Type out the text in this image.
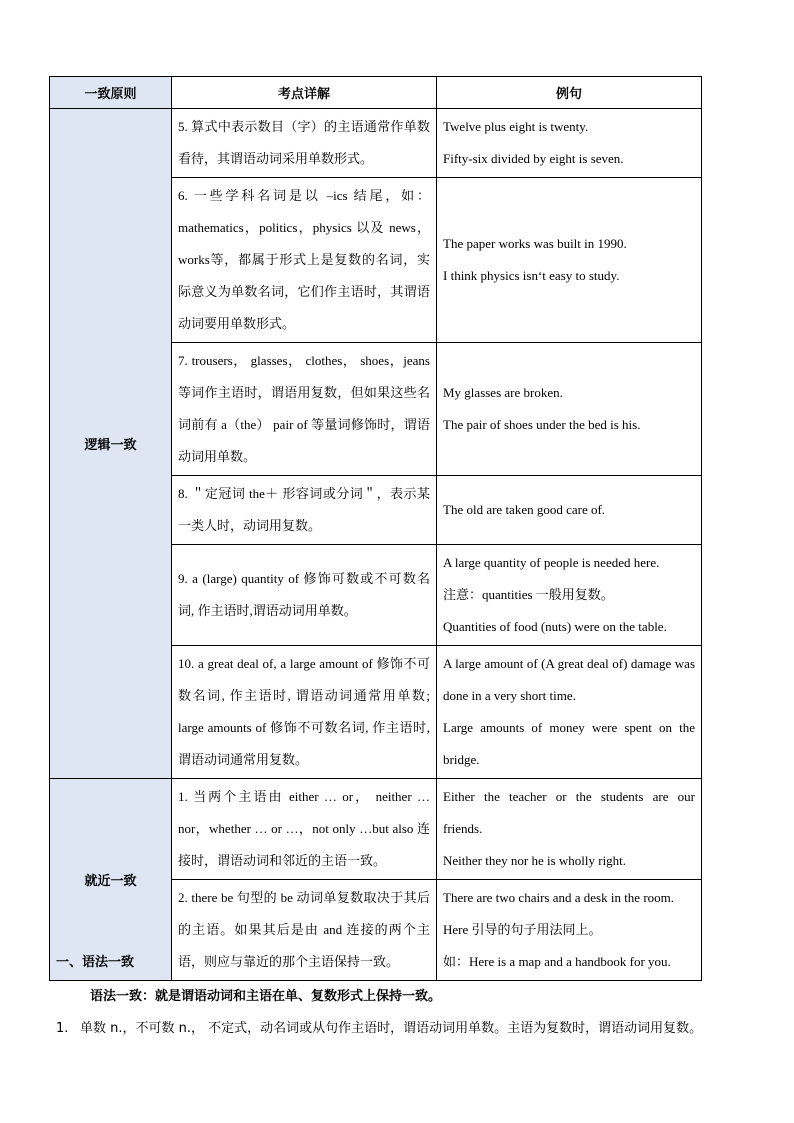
一致原则	考点详解	例句
逻辑一致	5. 算式中表示数目（字）的主语通常作单数看待，其谓语动词采用单数形式。	Twelve plus eight is twenty.
Fifty-six divided by eight is seven.

	6. 一些学科名词是以 –ics 结尾，如：mathematics，politics，physics 以及 news，works等，都属于形式上是复数的名词，实际意义为单数名词，它们作主语时，其谓语动词要用单数形式。	The paper works was built in 1990.
I think physics isn‘t easy to study.

	7. trousers， glasses， clothes， shoes，jeans 等词作主语时，谓语用复数，但如果这些名词前有 a（the） pair of 等量词修饰时，谓语动词用单数。	My glasses are broken.
The pair of shoes under the bed is his.

	8. ＂定冠词 the＋ 形容词或分词＂，表示某一类人时，动词用复数。	The old are taken good care of.

	9. a (large) quantity of 修饰可数或不可数名词, 作主语时,谓语动词用单数。	A large quantity of people is needed here.
注意：quantities 一般用复数。
Quantities of food (nuts) were on the table.

	10. a great deal of, a large amount of 修饰不可数名词, 作主语时, 谓语动词通常用单数; large amounts of 修饰不可数名词, 作主语时, 谓语动词通常用复数。	A large amount of (A great deal of) damage was done in a very short time.
Large amounts of money were spent on the bridge.

就近一致	1. 当两个主语由 either … or， neither … nor，whether … or …，not only …but also 连接时，谓语动词和邻近的主语一致。	Either the teacher or the students are our friends.
Neither they nor he is wholly right.

	2. there be 句型的 be 动词单复数取决于其后的主语。如果其后是由 and 连接的两个主语，则应与靠近的那个主语保持一致。	There are two chairs and a desk in the room.
Here 引导的句子用法同上。
如：Here is a map and a handbook for you.
一、语法一致
语法一致：就是谓语动词和主语在单、复数形式上保持一致。
1. 单数 n.，不可数 n.， 不定式，动名词或从句作主语时，谓语动词用单数。主语为复数时，谓语动词用复数。
